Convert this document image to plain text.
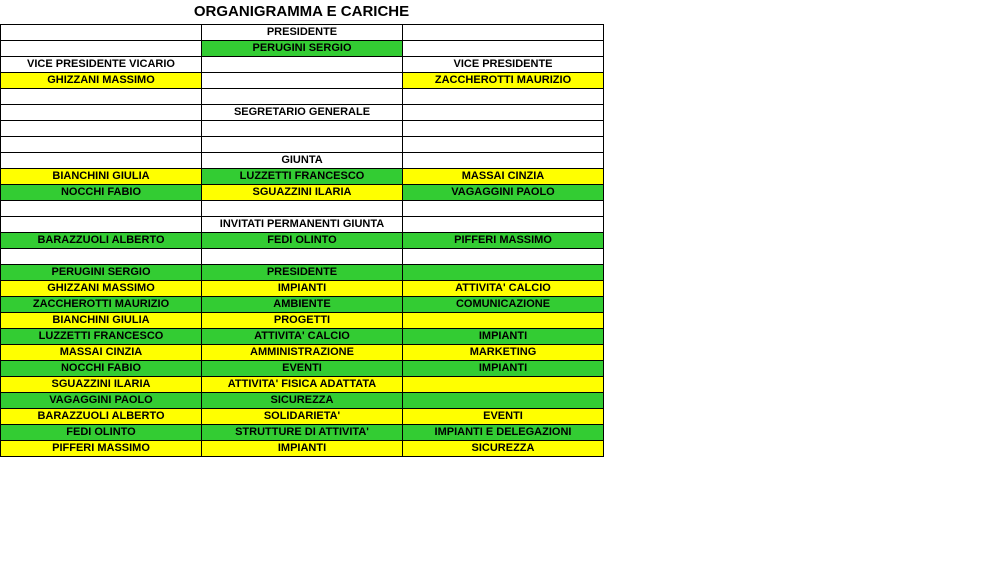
ORGANIGRAMMA E CARICHE
	PRESIDENTE	
	PERUGINI SERGIO	
VICE PRESIDENTE VICARIO		VICE PRESIDENTE
GHIZZANI MASSIMO		ZACCHEROTTI MAURIZIO

	SEGRETARIO GENERALE	

	GIUNTA	
BIANCHINI GIULIA	LUZZETTI FRANCESCO	MASSAI CINZIA
NOCCHI FABIO	SGUAZZINI ILARIA	VAGAGGINI PAOLO

	INVITATI PERMANENTI GIUNTA	
BARAZZUOLI ALBERTO	FEDI OLINTO	PIFFERI MASSIMO

PERUGINI SERGIO	PRESIDENTE	
GHIZZANI MASSIMO	IMPIANTI	ATTIVITA' CALCIO
ZACCHEROTTI MAURIZIO	AMBIENTE	COMUNICAZIONE
BIANCHINI GIULIA	PROGETTI	
LUZZETTI FRANCESCO	ATTIVITA' CALCIO	IMPIANTI
MASSAI CINZIA	AMMINISTRAZIONE	MARKETING
NOCCHI FABIO	EVENTI	IMPIANTI
SGUAZZINI ILARIA	ATTIVITA' FISICA ADATTATA	
VAGAGGINI PAOLO	SICUREZZA	
BARAZZUOLI ALBERTO	SOLIDARIETA'	EVENTI
FEDI OLINTO	STRUTTURE DI ATTIVITA'	IMPIANTI E DELEGAZIONI
PIFFERI MASSIMO	IMPIANTI	SICUREZZA
